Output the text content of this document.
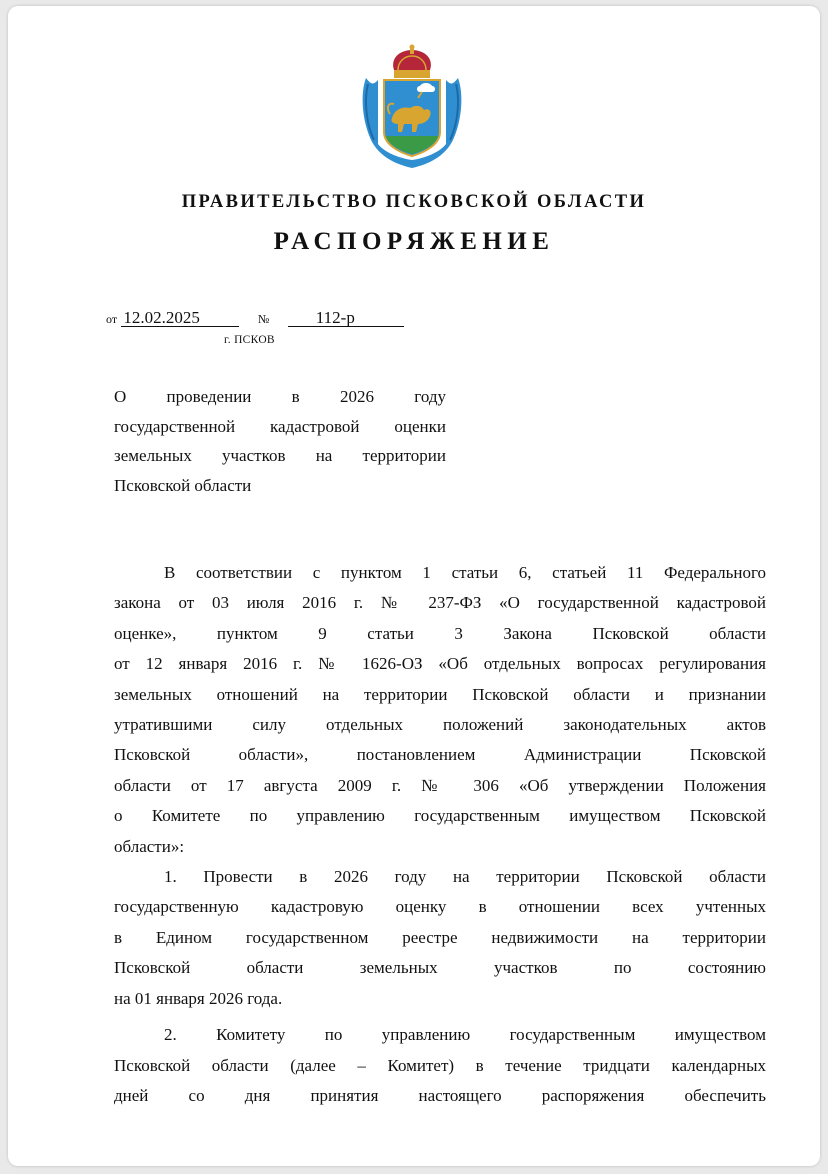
ПРАВИТЕЛЬСТВО ПСКОВСКОЙ ОБЛАСТИ
РАСПОРЯЖЕНИЕ
от 12.02.2025	№	112-р
г. ПСКОВ
О проведении в 2026 году
государственной кадастровой оценки
земельных участков на территории
Псковской области
В соответствии с пунктом 1 статьи 6, статьей 11 Федерального
закона от 03 июля 2016 г. № 237-ФЗ «О государственной кадастровой
оценке», пунктом 9 статьи 3 Закона Псковской области
от 12 января 2016 г. № 1626-ОЗ «Об отдельных вопросах регулирования
земельных отношений на территории Псковской области и признании
утратившими силу отдельных положений законодательных актов
Псковской области», постановлением Администрации Псковской
области от 17 августа 2009 г. № 306 «Об утверждении Положения
о Комитете по управлению государственным имуществом Псковской
области»:
1. Провести в 2026 году на территории Псковской области
государственную кадастровую оценку в отношении всех учтенных
в Едином государственном реестре недвижимости на территории
Псковской области земельных участков по состоянию
на 01 января 2026 года.
2. Комитету по управлению государственным имуществом
Псковской области (далее – Комитет) в течение тридцати календарных
дней со дня принятия настоящего распоряжения обеспечить
